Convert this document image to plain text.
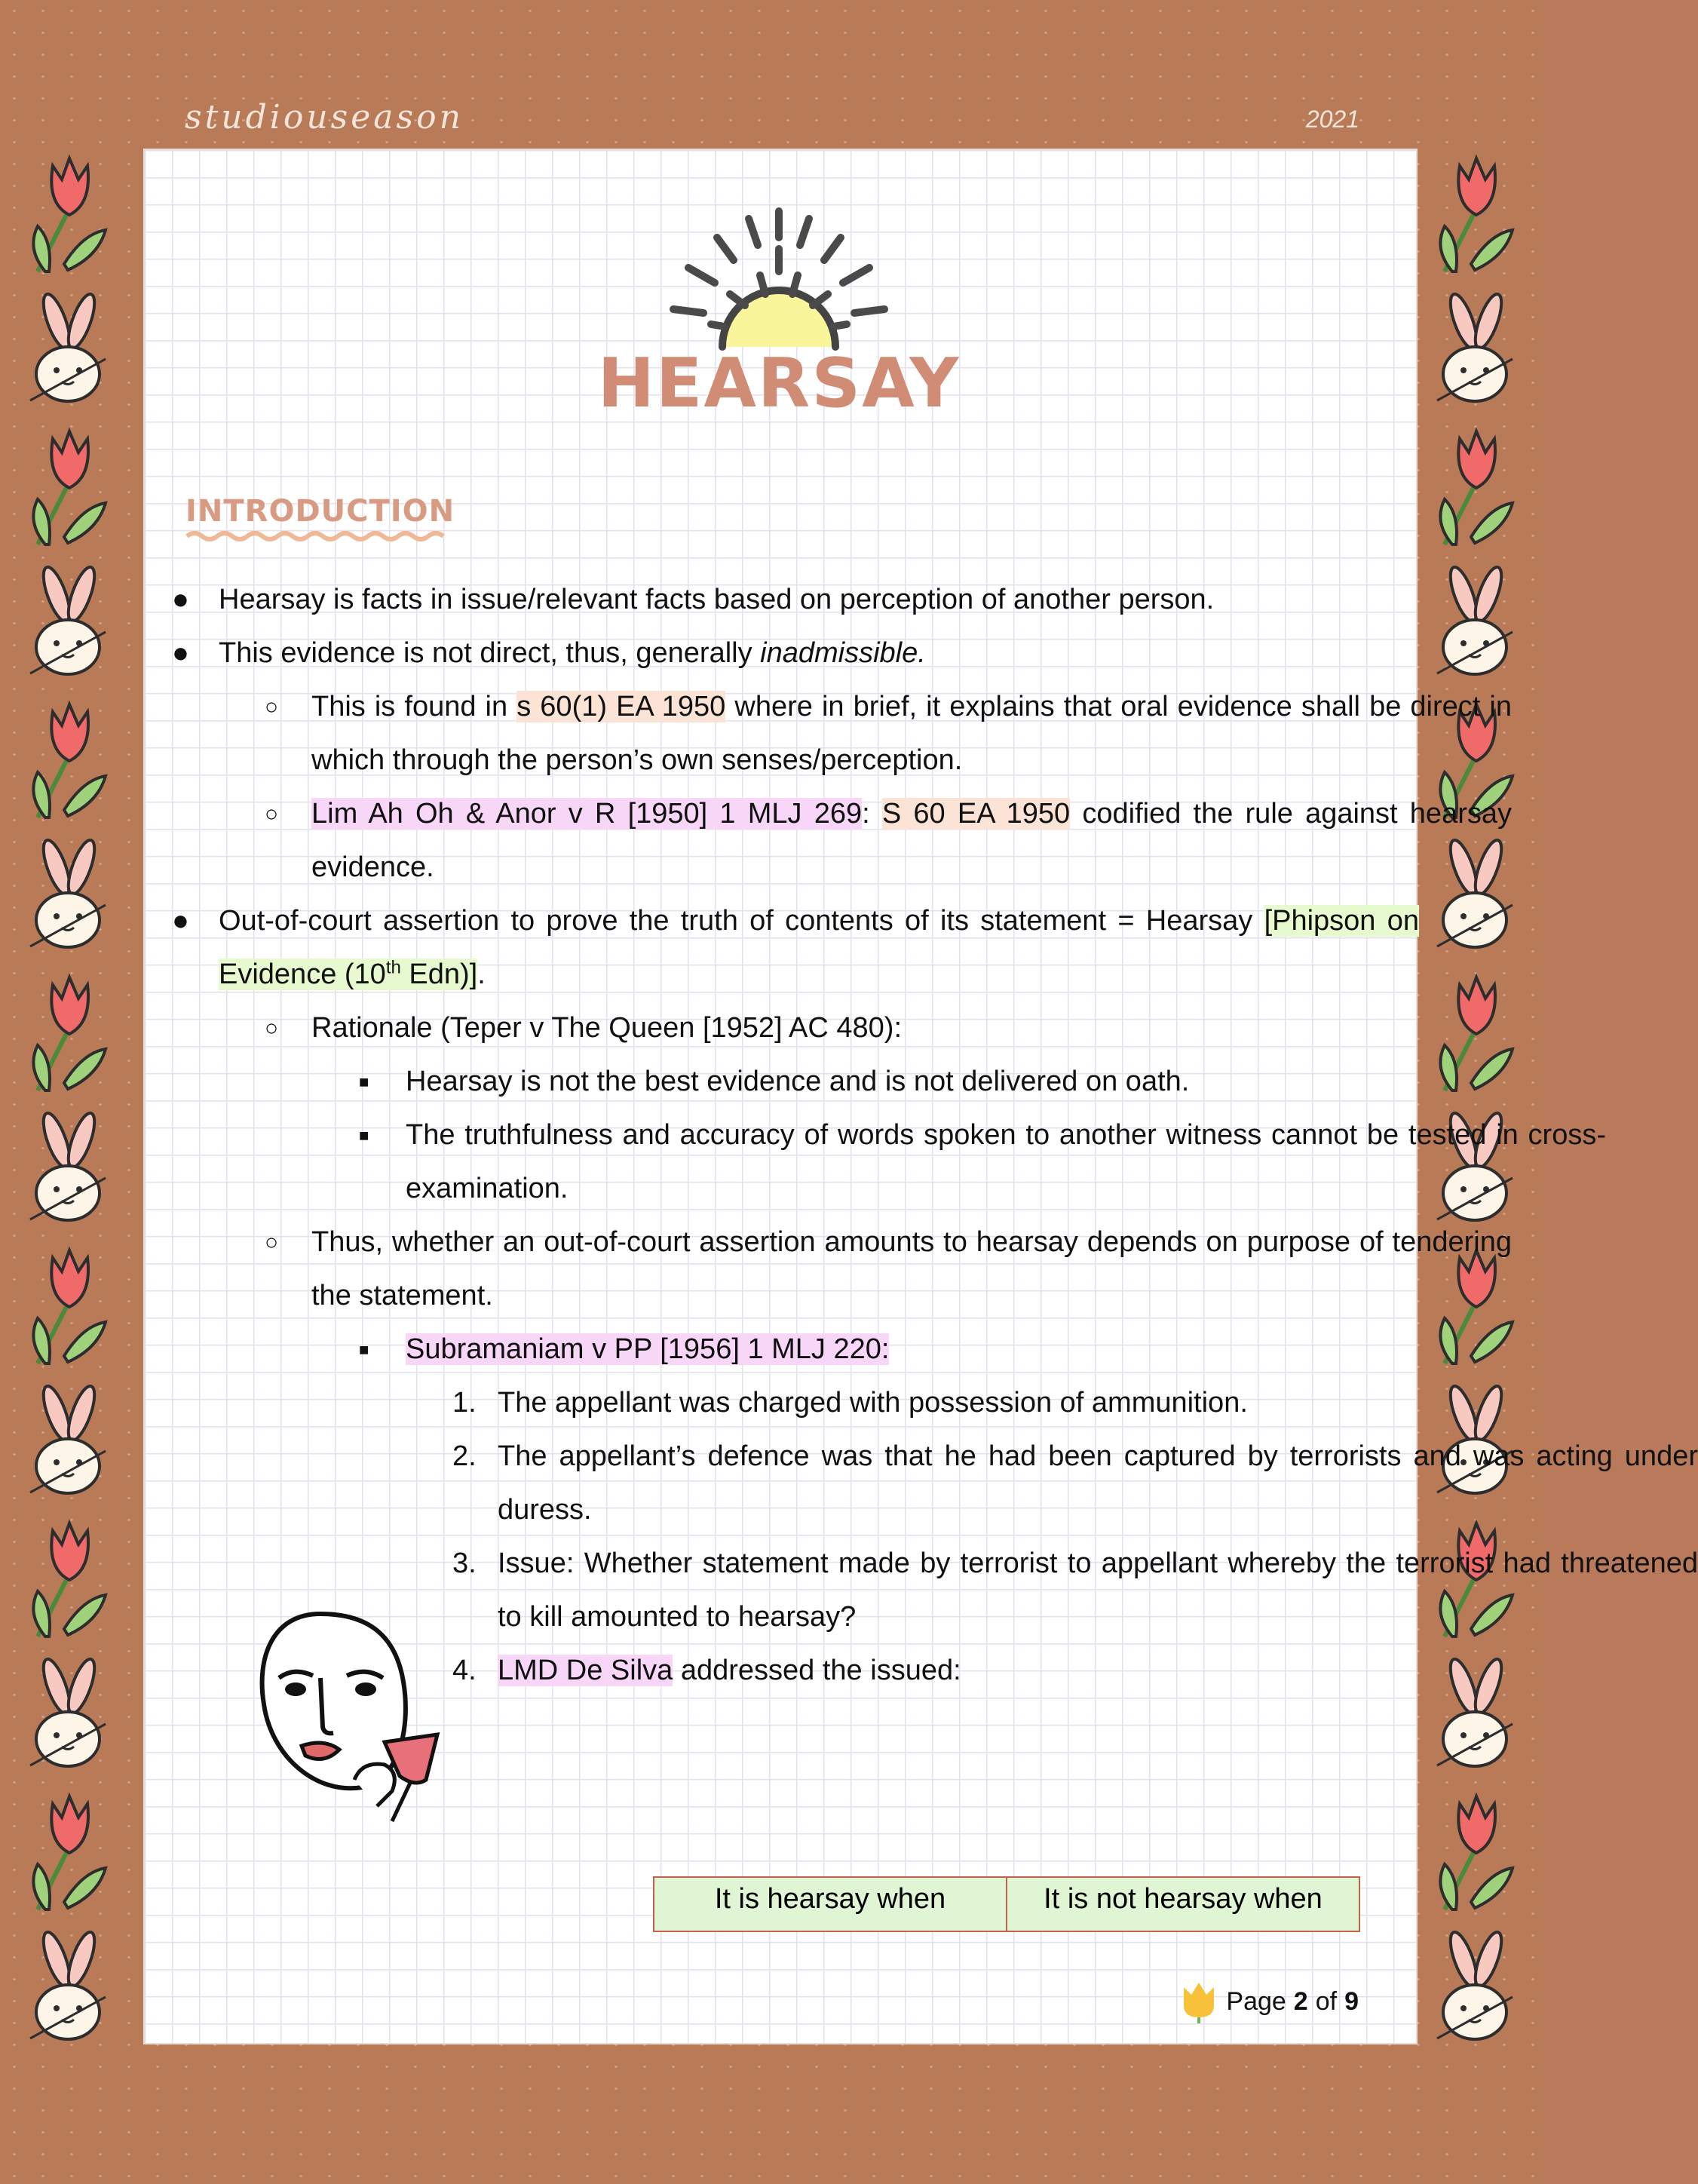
studiouseason	2021
HEARSAY
INTRODUCTION
● Hearsay is facts in issue/relevant facts based on perception of another person.
● This evidence is not direct, thus, generally inadmissible.
○ This is found in s 60(1) EA 1950 where in brief, it explains that oral evidence shall be direct in which through the person’s own senses/perception.
○ Lim Ah Oh & Anor v R [1950] 1 MLJ 269: S 60 EA 1950 codified the rule against hearsay evidence.
● Out-of-court assertion to prove the truth of contents of its statement = Hearsay [Phipson on Evidence (10th Edn)].
○ Rationale (Teper v The Queen [1952] AC 480):
■ Hearsay is not the best evidence and is not delivered on oath.
■ The truthfulness and accuracy of words spoken to another witness cannot be tested in cross-examination.
○ Thus, whether an out-of-court assertion amounts to hearsay depends on purpose of tendering the statement.
■ Subramaniam v PP [1956] 1 MLJ 220:
1. The appellant was charged with possession of ammunition.
2. The appellant’s defence was that he had been captured by terrorists and was acting under duress.
3. Issue: Whether statement made by terrorist to appellant whereby the terrorist had threatened to kill amounted to hearsay?
4. LMD De Silva addressed the issued:
It is hearsay when	It is not hearsay when
Page 2 of 9
